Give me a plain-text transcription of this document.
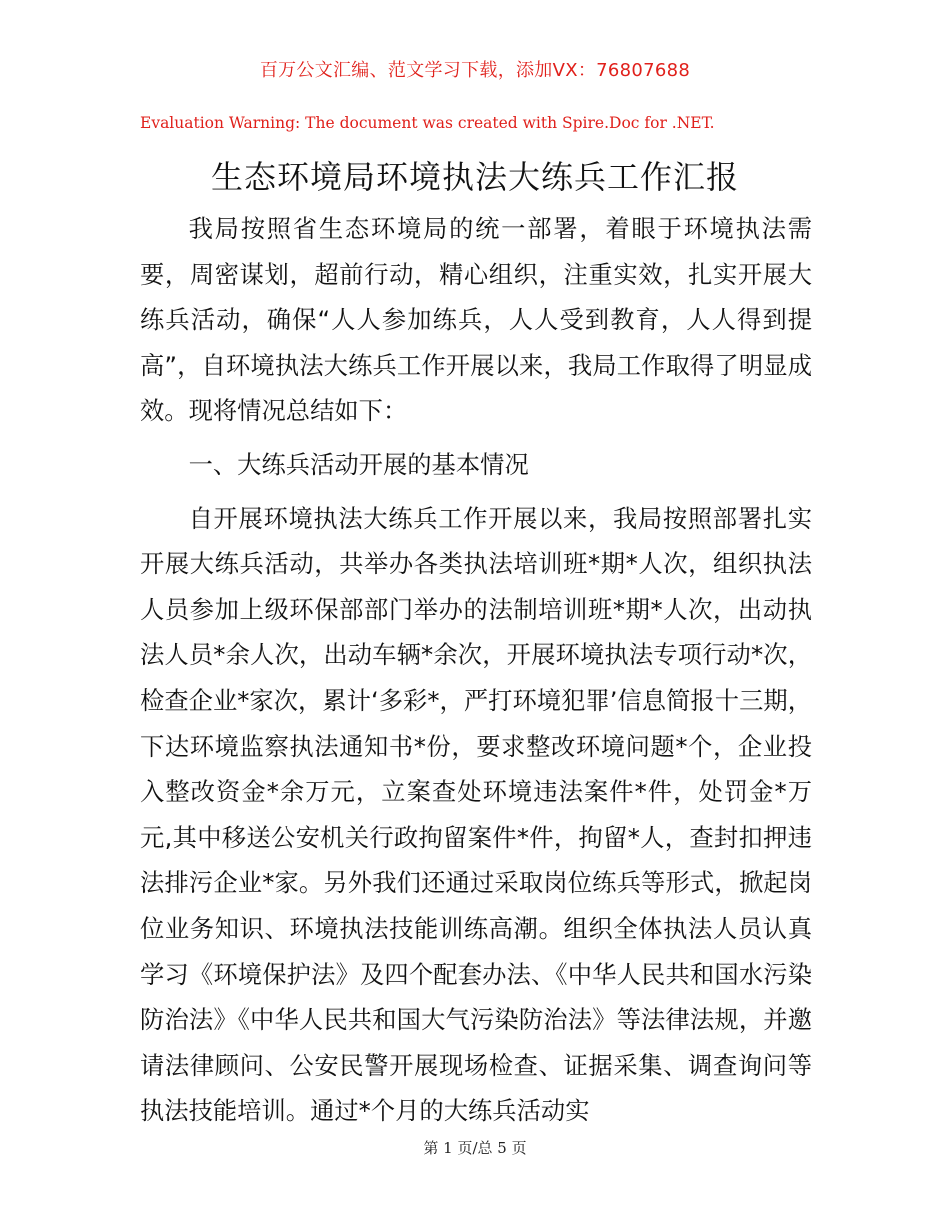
百万公文汇编、范文学习下载，添加VX：76807688
Evaluation Warning: The document was created with Spire.Doc for .NET.
生态环境局环境执法大练兵工作汇报

我局按照省生态环境局的统一部署，着眼于环境执法需要，周密谋划，超前行动，精心组织，注重实效，扎实开展大练兵活动，确保“人人参加练兵，人人受到教育，人人得到提高”，自环境执法大练兵工作开展以来，我局工作取得了明显成效。现将情况总结如下：

一、大练兵活动开展的基本情况

自开展环境执法大练兵工作开展以来，我局按照部署扎实开展大练兵活动，共举办各类执法培训班*期*人次，组织执法人员参加上级环保部部门举办的法制培训班*期*人次，出动执法人员*余人次，出动车辆*余次，开展环境执法专项行动*次，检查企业*家次，累计‘多彩*，严打环境犯罪’信息简报十三期，下达环境监察执法通知书*份，要求整改环境问题*个，企业投入整改资金*余万元，立案查处环境违法案件*件，处罚金*万元,其中移送公安机关行政拘留案件*件，拘留*人，查封扣押违法排污企业*家。另外我们还通过采取岗位练兵等形式，掀起岗位业务知识、环境执法技能训练高潮。组织全体执法人员认真学习《环境保护法》及四个配套办法、《中华人民共和国水污染防治法》《中华人民共和国大气污染防治法》等法律法规，并邀请法律顾问、公安民警开展现场检查、证据采集、调查询问等执法技能培训。通过*个月的大练兵活动实

第 1 页/总 5 页
